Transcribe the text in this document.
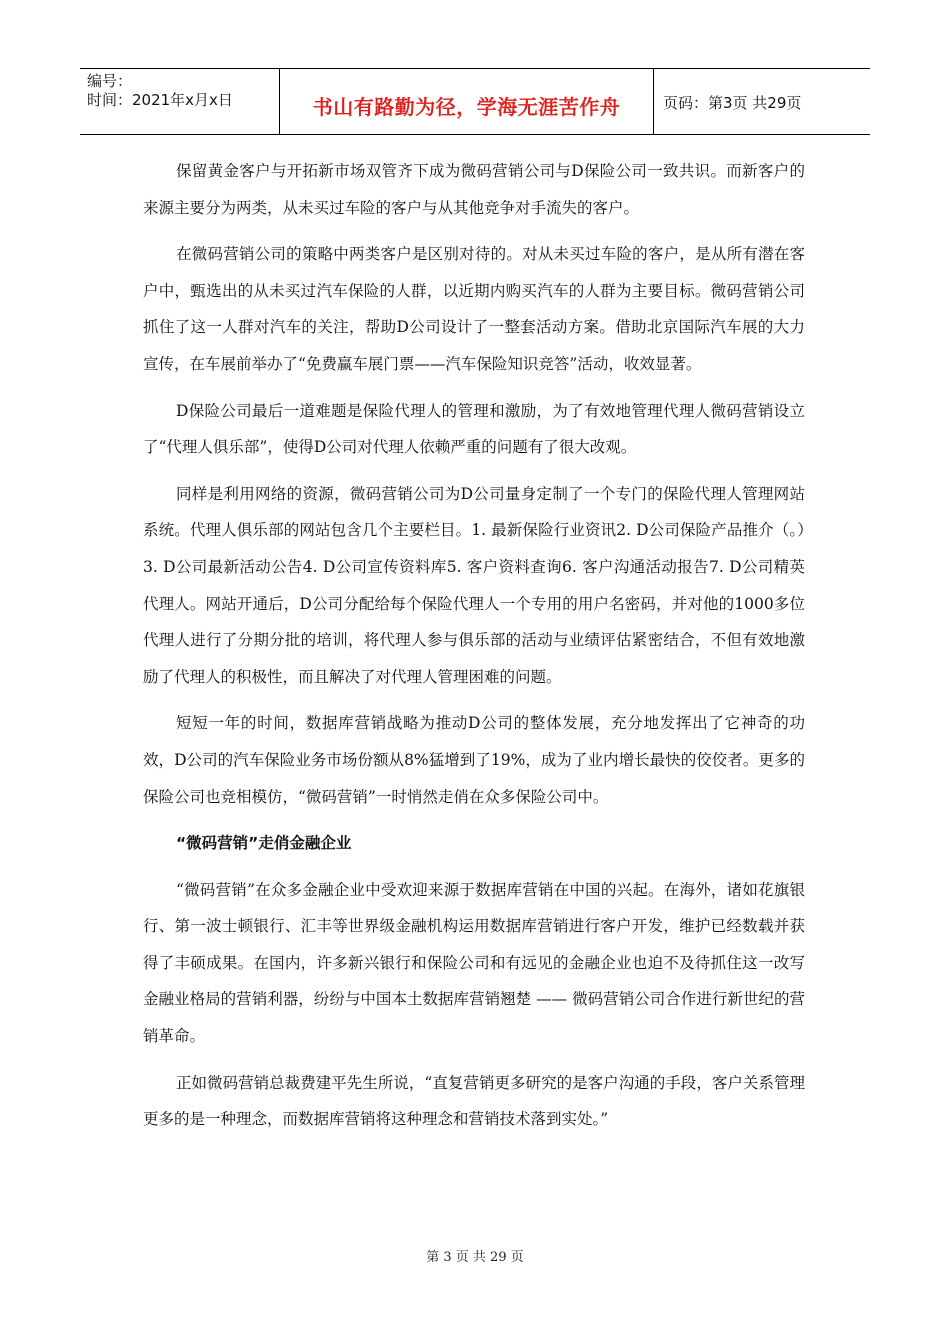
编号：
时间：2021年x月x日	书山有路勤为径，学海无涯苦作舟	页码：第3页 共29页

保留黄金客户与开拓新市场双管齐下成为微码营销公司与D保险公司一致共识。而新客户的来源主要分为两类，从未买过车险的客户与从其他竞争对手流失的客户。

在微码营销公司的策略中两类客户是区别对待的。对从未买过车险的客户，是从所有潜在客户中，甄选出的从未买过汽车保险的人群，以近期内购买汽车的人群为主要目标。微码营销公司抓住了这一人群对汽车的关注，帮助D公司设计了一整套活动方案。借助北京国际汽车展的大力宣传，在车展前举办了“免费赢车展门票——汽车保险知识竞答”活动，收效显著。

D保险公司最后一道难题是保险代理人的管理和激励，为了有效地管理代理人微码营销设立了“代理人俱乐部”，使得D公司对代理人依赖严重的问题有了很大改观。

同样是利用网络的资源，微码营销公司为D公司量身定制了一个专门的保险代理人管理网站系统。代理人俱乐部的网站包含几个主要栏目。1. 最新保险行业资讯2. D公司保险产品推介（。）3. D公司最新活动公告4. D公司宣传资料库5. 客户资料查询6. 客户沟通活动报告7. D公司精英代理人。网站开通后，D公司分配给每个保险代理人一个专用的用户名密码，并对他的1000多位代理人进行了分期分批的培训，将代理人参与俱乐部的活动与业绩评估紧密结合，不但有效地激励了代理人的积极性，而且解决了对代理人管理困难的问题。

短短一年的时间，数据库营销战略为推动D公司的整体发展，充分地发挥出了它神奇的功效，D公司的汽车保险业务市场份额从8%猛增到了19%，成为了业内增长最快的佼佼者。更多的保险公司也竞相模仿，“微码营销”一时悄然走俏在众多保险公司中。

“微码营销”走俏金融企业

“微码营销”在众多金融企业中受欢迎来源于数据库营销在中国的兴起。在海外，诸如花旗银行、第一波士顿银行、汇丰等世界级金融机构运用数据库营销进行客户开发，维护已经数载并获得了丰硕成果。在国内，许多新兴银行和保险公司和有远见的金融企业也迫不及待抓住这一改写金融业格局的营销利器，纷纷与中国本土数据库营销翘楚 —— 微码营销公司合作进行新世纪的营销革命。

正如微码营销总裁费建平先生所说，“直复营销更多研究的是客户沟通的手段，客户关系管理更多的是一种理念，而数据库营销将这种理念和营销技术落到实处。”

第 3 页 共 29 页
